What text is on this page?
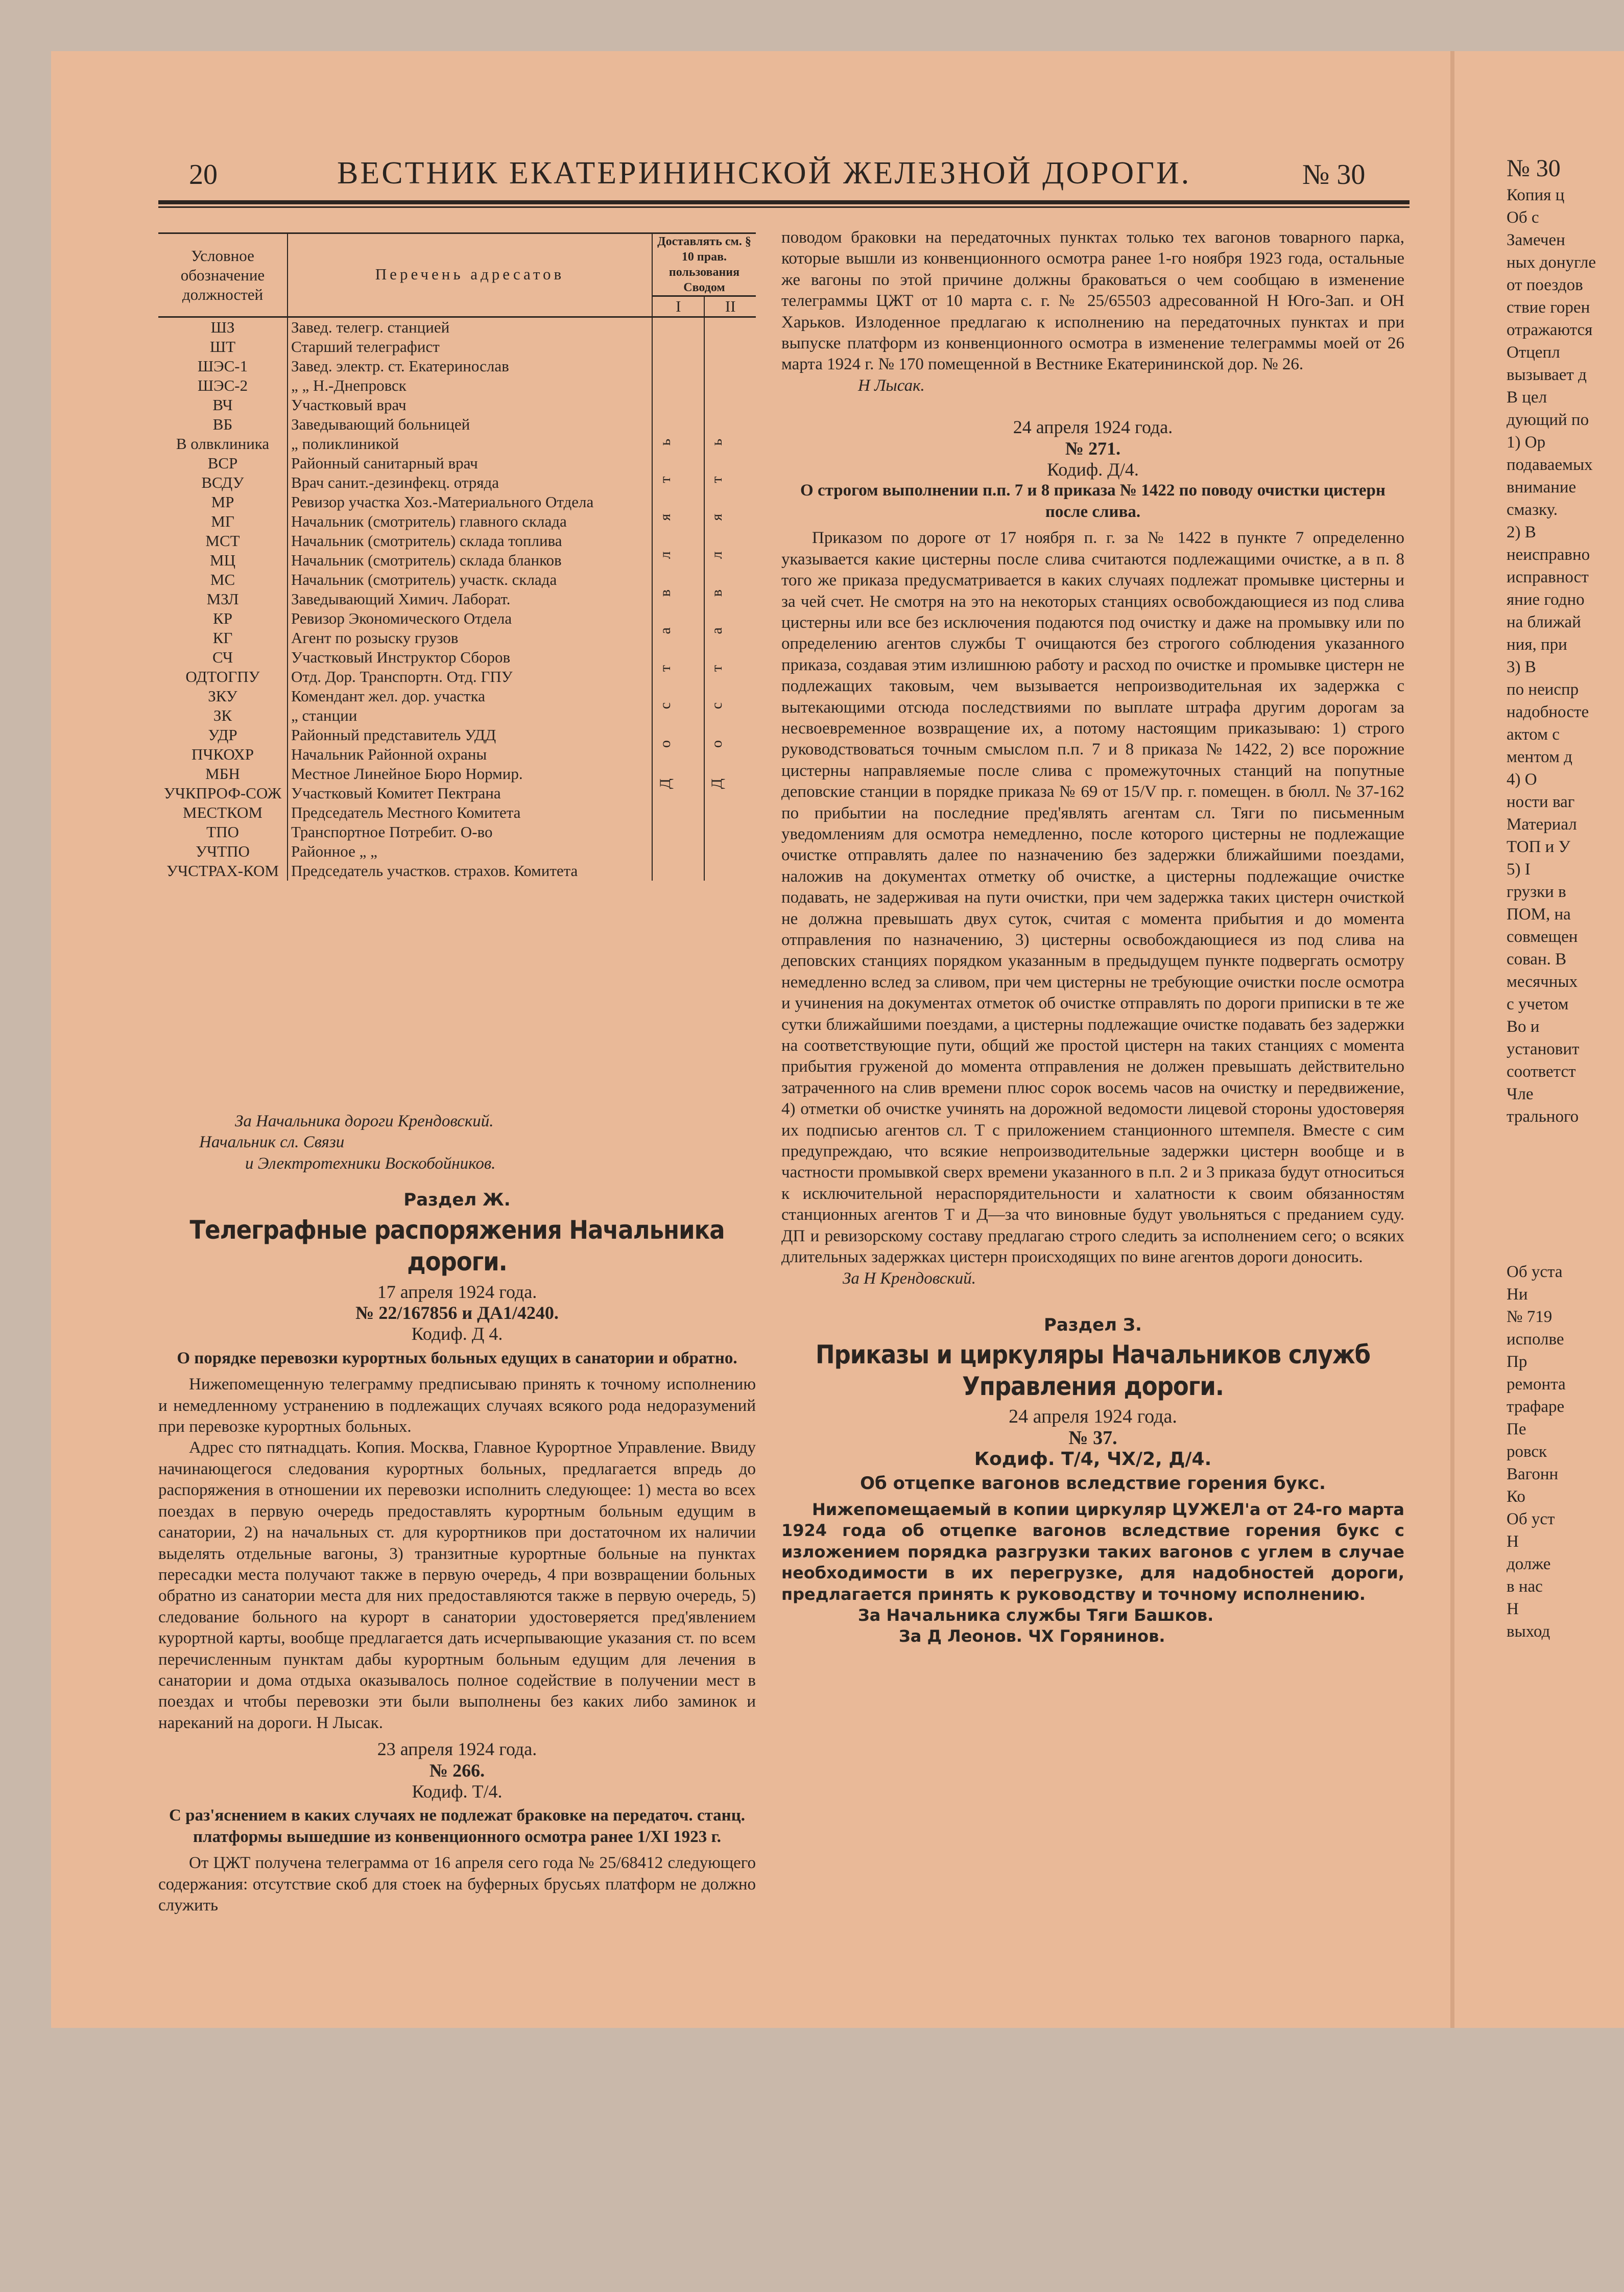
20	ВЕСТНИК ЕКАТЕРИНИНСКОЙ ЖЕЛЕЗНОЙ ДОРОГИ.	№ 30
Условное обозначение должностей	Перечень адресатов	Доставлять см. § 10 прав. пользования Сводом	
		I	II
ШЗ	Завед. телегр. станцией	Доставлять	Доставлять
ШТ	Старший телеграфист		
ШЭС-1	Завед. электр. ст. Екатеринослав		
ШЭС-2	„ „ Н.-Днепровск		
ВЧ	Участковый врач		
ВБ	Заведывающий больницей		
В олвклиника	„ поликлиникой		
ВСР	Районный санитарный врач		
ВСДУ	Врач санит.-дезинфекц. отряда		
МР	Ревизор участка Хоз.-Материального Отдела		
МГ	Начальник (смотритель) главного склада		
МСТ	Начальник (смотритель) склада топлива		
МЦ	Начальник (смотритель) склада бланков		
МС	Начальник (смотритель) участк. склада		
МЗЛ	Заведывающий Химич. Лаборат.		
КР	Ревизор Экономического Отдела		
КГ	Агент по розыску грузов		
СЧ	Участковый Инструктор Сборов		
ОДТОГПУ	Отд. Дор. Транспортн. Отд. ГПУ		
ЗКУ	Комендант жел. дор. участка		
ЗК	„ станции		
УДР	Районный представитель УДД		
ПЧКОХР	Начальник Районной охраны		
МБН	Местное Линейное Бюро Нормир.		
УЧКПРОФ-СОЖ	Участковый Комитет Пектрана		
МЕСТКОМ	Председатель Местного Комитета		
ТПО	Транспортное Потребит. О-во		
УЧТПО	Районное „ „		
УЧСТРАХ-КОМ	Председатель участков. страхов. Комитета		

За Начальника дороги Крендовский.

Начальник сл. Связи

и Электротехники Воскобойников.

Раздел Ж.

Телеграфные распоряжения Начальника дороги.

17 апреля 1924 года.

№ 22/167856 и ДА1/4240.

Кодиф. Д 4.

О порядке перевозки курортных больных едущих в санатории и обратно.

Нижепомещенную телеграмму предписываю принять к точному исполнению и немедленному устранению в подлежащих случаях всякого рода недоразумений при перевозке курортных больных.

Адрес сто пятнадцать. Копия. Москва, Главное Курортное Управление. Ввиду начинающегося следования курортных больных, предлагается впредь до распоряжения в отношении их перевозки исполнить следующее: 1) места во всех поездах в первую очередь предоставлять курортным больным едущим в санатории, 2) на начальных ст. для курортников при достаточном их наличии выделять отдельные вагоны, 3) транзитные курортные больные на пунктах пересадки места получают также в первую очередь, 4 при возвращении больных обратно из санатории места для них предоставляются также в первую очередь, 5) следование больного на курорт в санатории удостоверяется пред'явлением курортной карты, вообще предлагается дать исчерпывающие указания ст. по всем перечисленным пунктам дабы курортным больным едущим для лечения в санатории и дома отдыха оказывалось полное содействие в получении мест в поездах и чтобы перевозки эти были выполнены без каких либо заминок и нареканий на дороги. Н Лысак.

23 апреля 1924 года.

№ 266.

Кодиф. Т/4.

С раз'яснением в каких случаях не подлежат браковке на передаточ. станц. платформы вышедшие из конвенционного осмотра ранее 1/XI 1923 г.

От ЦЖТ получена телеграмма от 16 апреля сего года № 25/68412 следующего содержания: отсутствие скоб для стоек на буферных брусьях платформ не должно служить

поводом браковки на передаточных пунктах только тех вагонов товарного парка, которые вышли из конвенционного осмотра ранее 1-го ноября 1923 года, остальные же вагоны по этой причине должны браковаться о чем сообщаю в изменение телеграммы ЦЖТ от 10 марта с. г. № 25/65503 адресованной Н Юго-Зап. и ОН Харьков. Излоденное предлагаю к исполнению на передаточных пунктах и при выпуске платформ из конвенционного осмотра в изменение телеграммы моей от 26 марта 1924 г. № 170 помещенной в Вестнике Екатерининской дор. № 26.

Н Лысак.

24 апреля 1924 года.

№ 271.

Кодиф. Д/4.

О строгом выполнении п.п. 7 и 8 приказа № 1422 по поводу очистки цистерн после слива.

Приказом по дороге от 17 ноября п. г. за № 1422 в пункте 7 определенно указывается какие цистерны после слива считаются подлежащими очистке, а в п. 8 того же приказа предусматривается в каких случаях подлежат промывке цистерны и за чей счет. Не смотря на это на некоторых станциях освобождающиеся из под слива цистерны или все без исключения подаются под очистку и даже на промывку или по определению агентов службы Т очищаются без строгого соблюдения указанного приказа, создавая этим излишнюю работу и расход по очистке и промывке цистерн не подлежащих таковым, чем вызывается непроизводительная их задержка с вытекающими отсюда последствиями по выплате штрафа другим дорогам за несвоевременное возвращение их, а потому настоящим приказываю: 1) строго руководствоваться точным смыслом п.п. 7 и 8 приказа № 1422, 2) все порожние цистерны направляемые после слива с промежуточных станций на попутные деповские станции в порядке приказа № 69 от 15/V пр. г. помещен. в бюлл. № 37-162 по прибытии на последние пред'являть агентам сл. Тяги по письменным уведомлениям для осмотра немедленно, после которого цистерны не подлежащие очистке отправлять далее по назначению без задержки ближайшими поездами, наложив на документах отметку об очистке, а цистерны подлежащие очистке подавать, не задерживая на пути очистки, при чем задержка таких цистерн очисткой не должна превышать двух суток, считая с момента прибытия и до момента отправления по назначению, 3) цистерны освобождающиеся из под слива на деповских станциях порядком указанным в предыдущем пункте подвергать осмотру немедленно вслед за сливом, при чем цистерны не требующие очистки после осмотра и учинения на документах отметок об очистке отправлять по дороги приписки в те же сутки ближайшими поездами, а цистерны подлежащие очистке подавать без задержки на соответствующие пути, общий же простой цистерн на таких станциях с момента прибытия груженой до момента отправления не должен превышать действительно затраченного на слив времени плюс сорок восемь часов на очистку и передвижение, 4) отметки об очистке учинять на дорожной ведомости лицевой стороны удостоверяя их подписью агентов сл. Т с приложением станционного штемпеля. Вместе с сим предупреждаю, что всякие непроизводительные задержки цистерн вообще и в частности промывкой сверх времени указанного в п.п. 2 и 3 приказа будут относиться к исключительной нераспорядительности и халатности к своим обязанностям станционных агентов Т и Д—за что виновные будут увольняться с преданием суду. ДП и ревизорскому составу предлагаю строго следить за исполнением сего; о всяких длительных задержках цистерн происходящих по вине агентов дороги доносить.

За Н Крендовский.

Раздел З.

Приказы и циркуляры Начальников служб Управления дороги.

24 апреля 1924 года.

№ 37.

Кодиф. Т/4, ЧХ/2, Д/4.

Об отцепке вагонов вследствие горения букс.

Нижепомещаемый в копии циркуляр ЦУЖЕЛ'а от 24-го марта 1924 года об отцепке вагонов вследствие горения букс с изложением порядка разгрузки таких вагонов с углем в случае необходимости в их перегрузке, для надобностей дороги, предлагается принять к руководству и точному исполнению.

За Начальника службы Тяги Башков.

За Д Леонов. ЧХ Горянинов.

№ 30

Копия ц

Об с

Замечен

ных донугле

от поездов

ствие горен

отражаются

Отцепл

вызывает д

В цел

дующий по

1) Ор

подаваемых

внимание

смазку.

2) В

неисправно

исправност

яние годно

на ближай

ния, при

3) В

по неиспр

надобносте

актом с

ментом д

4) О

ности ваг

Материал

ТОП и У

5) I

грузки в

ПОМ, на

совмещен

сован. В

месячных

с учетом

Во и

установит

соответст

Чле

трального

Об уста

Ни

№ 719

исполве

Пр

ремонта

трафаре

Пе

ровск

Вагонн

Ко

Об уст

Н

долже

в нас

Н

выход
